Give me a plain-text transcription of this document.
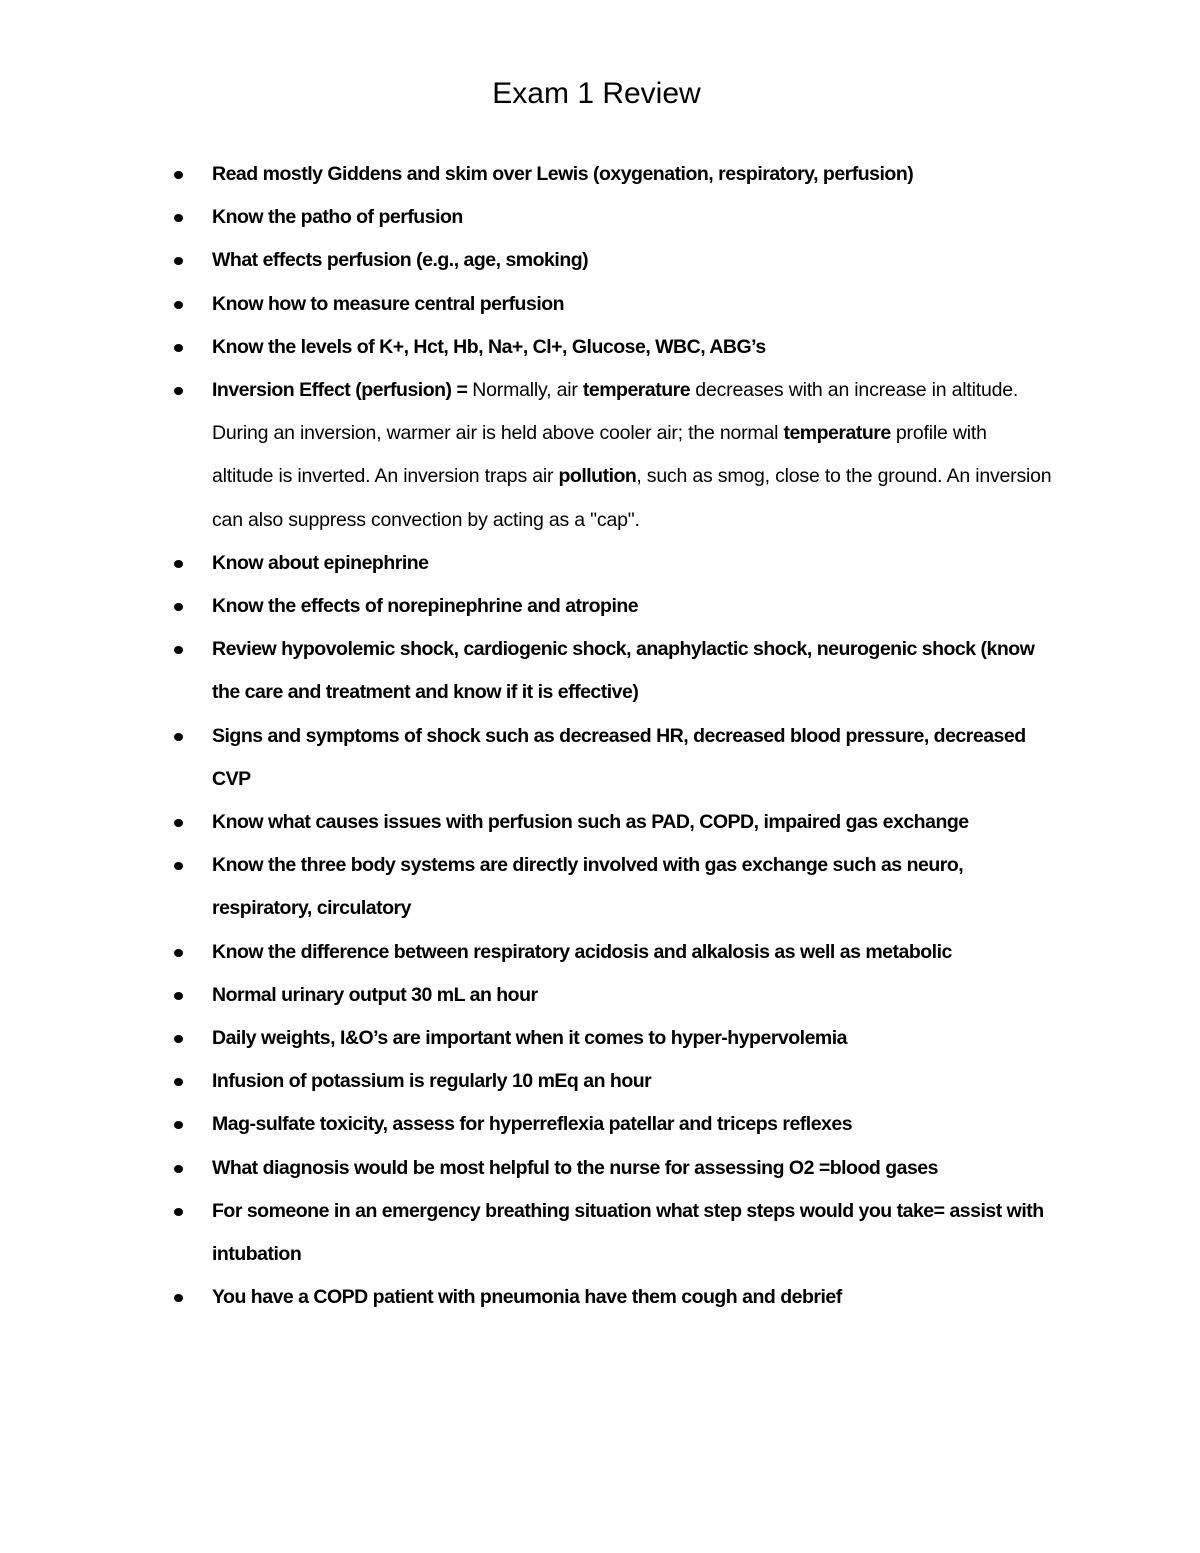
Exam 1 Review
Read mostly Giddens and skim over Lewis (oxygenation, respiratory, perfusion)
Know the patho of perfusion
What effects perfusion (e.g., age, smoking)
Know how to measure central perfusion
Know the levels of K+, Hct, Hb, Na+, Cl+, Glucose, WBC, ABG’s
Inversion Effect (perfusion) = Normally, air temperature decreases with an increase in altitude. During an inversion, warmer air is held above cooler air; the normal temperature profile with altitude is inverted. An inversion traps air pollution, such as smog, close to the ground. An inversion can also suppress convection by acting as a "cap".
Know about epinephrine
Know the effects of norepinephrine and atropine
Review hypovolemic shock, cardiogenic shock, anaphylactic shock, neurogenic shock (know the care and treatment and know if it is effective)
Signs and symptoms of shock such as decreased HR, decreased blood pressure, decreased CVP
Know what causes issues with perfusion such as PAD, COPD, impaired gas exchange
Know the three body systems are directly involved with gas exchange such as neuro, respiratory, circulatory
Know the difference between respiratory acidosis and alkalosis as well as metabolic
Normal urinary output 30 mL an hour
Daily weights, I&O’s are important when it comes to hyper-hypervolemia
Infusion of potassium is regularly 10 mEq an hour
Mag-sulfate toxicity, assess for hyperreflexia patellar and triceps reflexes
What diagnosis would be most helpful to the nurse for assessing O2 =blood gases
For someone in an emergency breathing situation what step steps would you take= assist with intubation
You have a COPD patient with pneumonia have them cough and debrief
